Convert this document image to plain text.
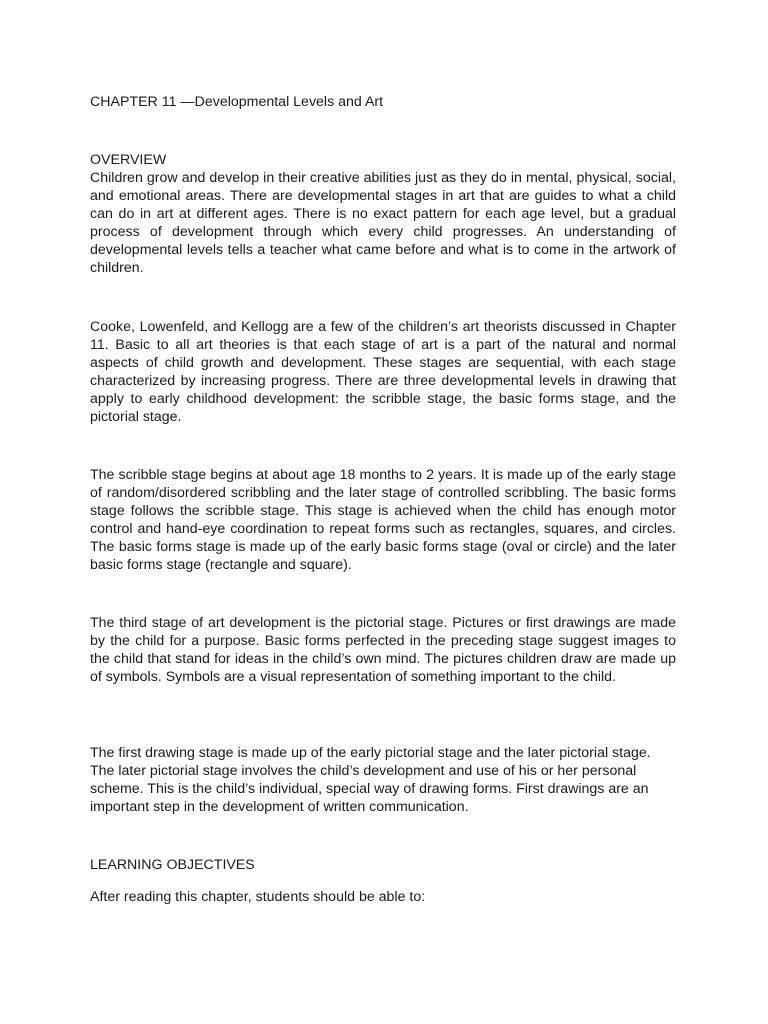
CHAPTER 11 —Developmental Levels and Art
OVERVIEW

Children grow and develop in their creative abilities just as they do in mental, physical, social, and emotional areas. There are developmental stages in art that are guides to what a child can do in art at different ages. There is no exact pattern for each age level, but a gradual process of development through which every child progresses. An understanding of developmental levels tells a teacher what came before and what is to come in the artwork of children.

Cooke, Lowenfeld, and Kellogg are a few of the children’s art theorists discussed in Chapter 11. Basic to all art theories is that each stage of art is a part of the natural and normal aspects of child growth and development. These stages are sequential, with each stage characterized by increasing progress. There are three developmental levels in drawing that apply to early childhood development: the scribble stage, the basic forms stage, and the pictorial stage.

The scribble stage begins at about age 18 months to 2 years. It is made up of the early stage of random/disordered scribbling and the later stage of controlled scribbling. The basic forms stage follows the scribble stage. This stage is achieved when the child has enough motor control and hand-eye coordination to repeat forms such as rectangles, squares, and circles. The basic forms stage is made up of the early basic forms stage (oval or circle) and the later basic forms stage (rectangle and square).

The third stage of art development is the pictorial stage. Pictures or first drawings are made by the child for a purpose. Basic forms perfected in the preceding stage suggest images to the child that stand for ideas in the child’s own mind. The pictures children draw are made up of symbols. Symbols are a visual representation of something important to the child.

The first drawing stage is made up of the early pictorial stage and the later pictorial stage. The later pictorial stage involves the child’s development and use of his or her personal scheme. This is the child’s individual, special way of drawing forms. First drawings are an important step in the development of written communication.

LEARNING OBJECTIVES
After reading this chapter, students should be able to:
